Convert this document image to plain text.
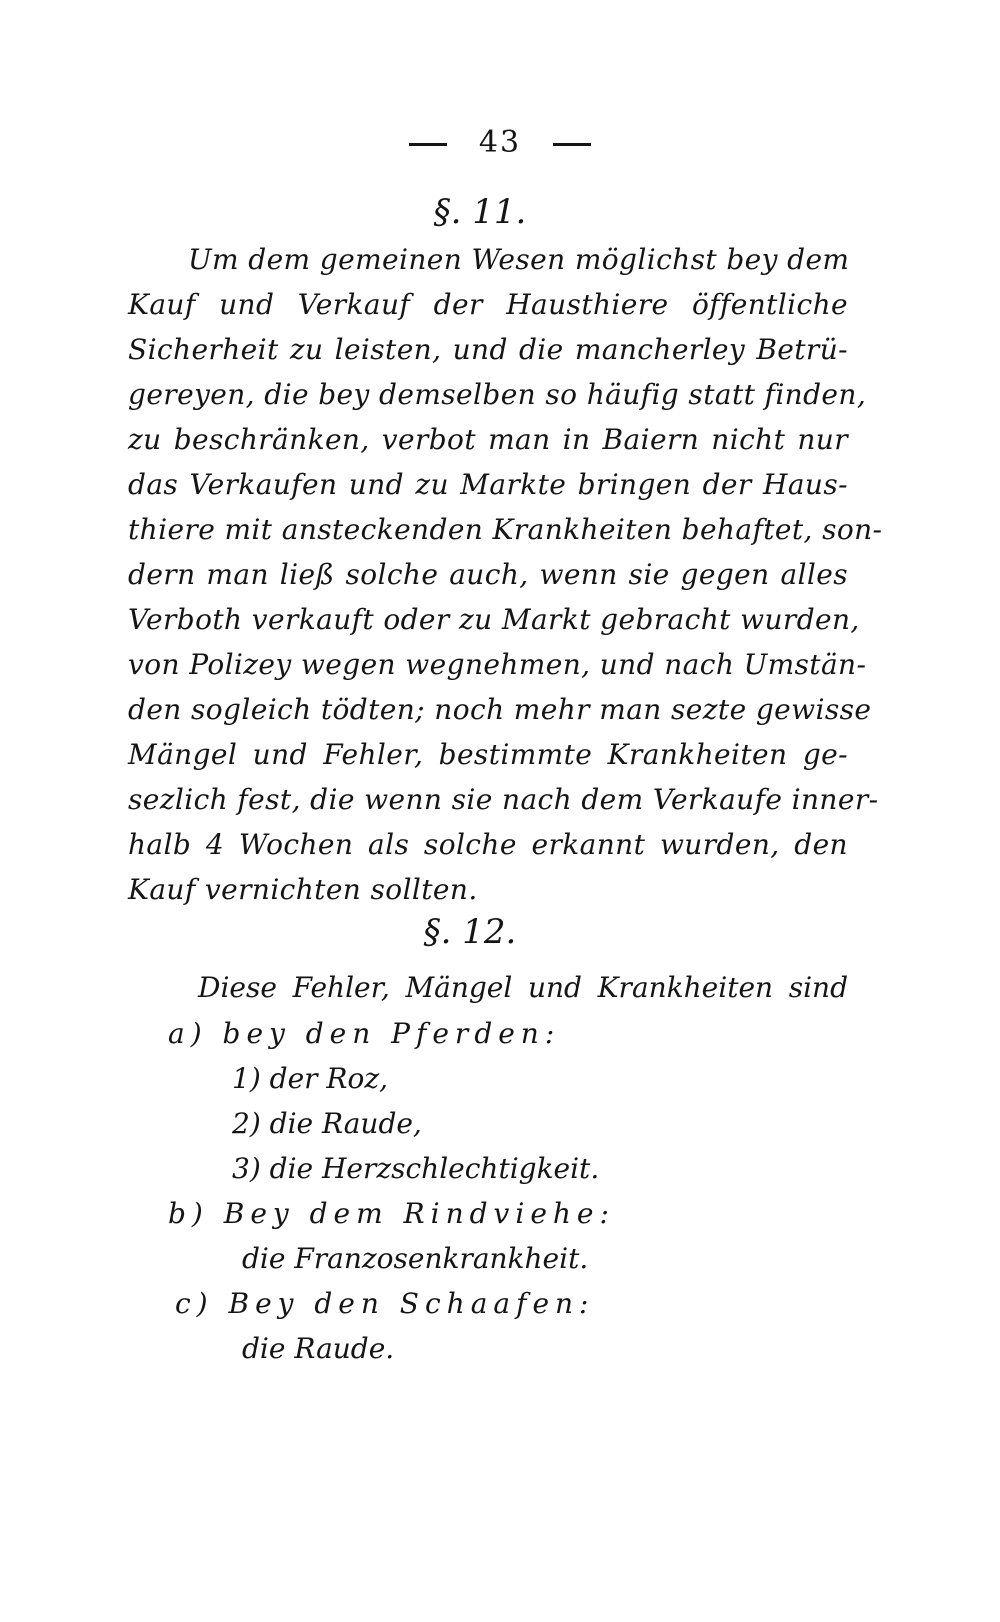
43
§. 11.
Um dem gemeinen Wesen möglichst bey dem
Kauf und Verkauf der Hausthiere öffentliche
Sicherheit zu leisten, und die mancherley Betrü-
gereyen, die bey demselben so häufig statt finden,
zu beschränken, verbot man in Baiern nicht nur
das Verkaufen und zu Markte bringen der Haus-
thiere mit ansteckenden Krankheiten behaftet, son-
dern man ließ solche auch, wenn sie gegen alles
Verboth verkauft oder zu Markt gebracht wurden,
von Polizey wegen wegnehmen, und nach Umstän-
den sogleich tödten; noch mehr man sezte gewisse
Mängel und Fehler, bestimmte Krankheiten ge-
sezlich fest, die wenn sie nach dem Verkaufe inner-
halb 4 Wochen als solche erkannt wurden, den
Kauf vernichten sollten.
§. 12.
Diese Fehler, Mängel und Krankheiten sind
a) bey den Pferden:
1) der Roz,
2) die Raude,
3) die Herzschlechtigkeit.
b) Bey dem Rindviehe:
die Franzosenkrankheit.
c) Bey den Schaafen:
die Raude.
